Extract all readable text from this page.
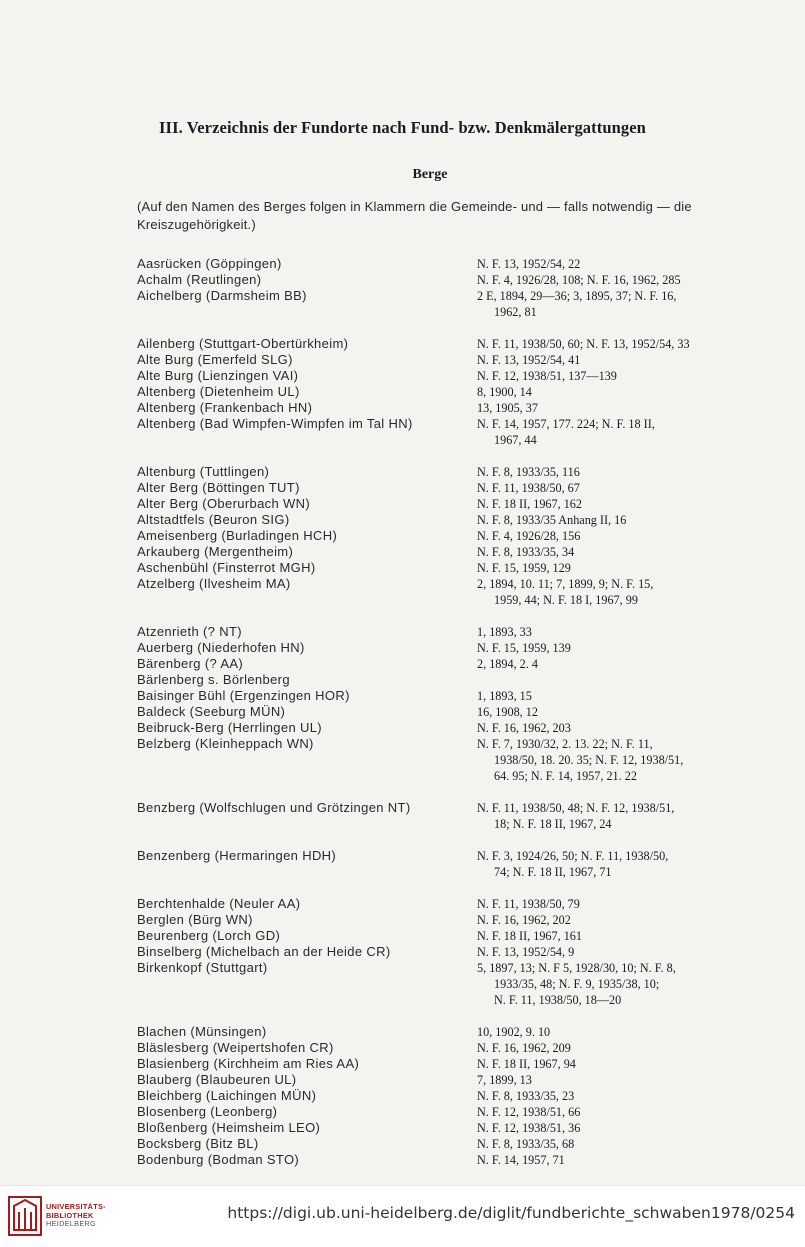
III. Verzeichnis der Fundorte nach Fund- bzw. Denkmälergattungen
Berge
(Auf den Namen des Berges folgen in Klammern die Gemeinde- und — falls notwendig — die Kreiszugehörigkeit.)
Aasrücken (Göppingen)	N. F. 13, 1952/54, 22
Achalm (Reutlingen)	N. F. 4, 1926/28, 108; N. F. 16, 1962, 285
Aichelberg (Darmsheim BB)	2 E, 1894, 29—36; 3, 1895, 37; N. F. 16,
1962, 81
Ailenberg (Stuttgart-Obertürkheim)	N. F. 11, 1938/50, 60; N. F. 13, 1952/54, 33
Alte Burg (Emerfeld SLG)	N. F. 13, 1952/54, 41
Alte Burg (Lienzingen VAI)	N. F. 12, 1938/51, 137—139
Altenberg (Dietenheim UL)	8, 1900, 14
Altenberg (Frankenbach HN)	13, 1905, 37
Altenberg (Bad Wimpfen-Wimpfen im Tal HN)	N. F. 14, 1957, 177. 224; N. F. 18 II,
1967, 44
Altenburg (Tuttlingen)	N. F. 8, 1933/35, 116
Alter Berg (Böttingen TUT)	N. F. 11, 1938/50, 67
Alter Berg (Oberurbach WN)	N. F. 18 II, 1967, 162
Altstadtfels (Beuron SIG)	N. F. 8, 1933/35 Anhang II, 16
Ameisenberg (Burladingen HCH)	N. F. 4, 1926/28, 156
Arkauberg (Mergentheim)	N. F. 8, 1933/35, 34
Aschenbühl (Finsterrot MGH)	N. F. 15, 1959, 129
Atzelberg (Ilvesheim MA)	2, 1894, 10. 11; 7, 1899, 9; N. F. 15,
1959, 44; N. F. 18 I, 1967, 99
Atzenrieth (? NT)	1, 1893, 33
Auerberg (Niederhofen HN)	N. F. 15, 1959, 139
Bärenberg (? AA)	2, 1894, 2. 4
Bärlenberg s. Börlenberg
Baisinger Bühl (Ergenzingen HOR)	1, 1893, 15
Baldeck (Seeburg MÜN)	16, 1908, 12
Beibruck-Berg (Herrlingen UL)	N. F. 16, 1962, 203
Belzberg (Kleinheppach WN)	N. F. 7, 1930/32, 2. 13. 22; N. F. 11,
1938/50, 18. 20. 35; N. F. 12, 1938/51,
64. 95; N. F. 14, 1957, 21. 22
Benzberg (Wolfschlugen und Grötzingen NT)	N. F. 11, 1938/50, 48; N. F. 12, 1938/51,
18; N. F. 18 II, 1967, 24
Benzenberg (Hermaringen HDH)	N. F. 3, 1924/26, 50; N. F. 11, 1938/50,
74; N. F. 18 II, 1967, 71
Berchtenhalde (Neuler AA)	N. F. 11, 1938/50, 79
Berglen (Bürg WN)	N. F. 16, 1962, 202
Beurenberg (Lorch GD)	N. F. 18 II, 1967, 161
Binselberg (Michelbach an der Heide CR)	N. F. 13, 1952/54, 9
Birkenkopf (Stuttgart)	5, 1897, 13; N. F 5, 1928/30, 10; N. F. 8,
1933/35, 48; N. F. 9, 1935/38, 10;
N. F. 11, 1938/50, 18—20
Blachen (Münsingen)	10, 1902, 9. 10
Bläslesberg (Weipertshofen CR)	N. F. 16, 1962, 209
Blasienberg (Kirchheim am Ries AA)	N. F. 18 II, 1967, 94
Blauberg (Blaubeuren UL)	7, 1899, 13
Bleichberg (Laichingen MÜN)	N. F. 8, 1933/35, 23
Blosenberg (Leonberg)	N. F. 12, 1938/51, 66
Bloßenberg (Heimsheim LEO)	N. F. 12, 1938/51, 36
Bocksberg (Bitz BL)	N. F. 8, 1933/35, 68
Bodenburg (Bodman STO)	N. F. 14, 1957, 71
UNIVERSITÄTS-
BIBLIOTHEK
HEIDELBERG
https://digi.ub.uni-heidelberg.de/diglit/fundberichte_schwaben1978/0254
